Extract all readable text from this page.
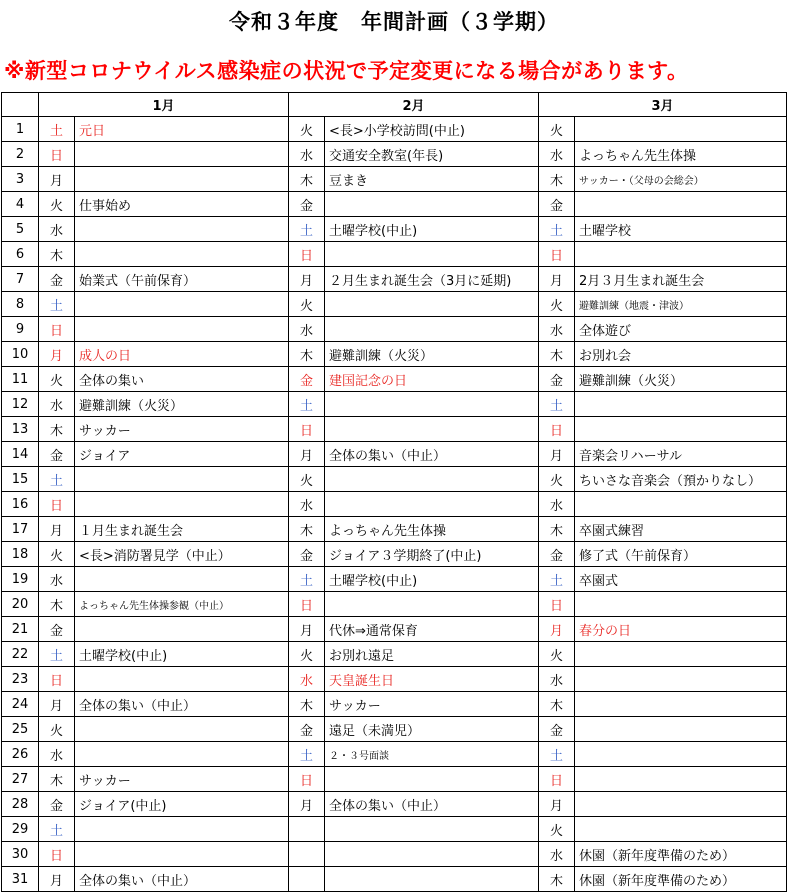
令和３年度　年間計画（３学期）
※新型コロナウイルス感染症の状況で予定変更になる場合があります。
	1月		2月		3月	
1	土	元日	火	<長>小学校訪問(中止)	火	
2	日		水	交通安全教室(年長)	水	よっちゃん先生体操
3	月		木	豆まき	木	サッカー・（父母の会総会）
4	火	仕事始め	金		金	
5	水		土	土曜学校(中止)	土	土曜学校
6	木		日		日	
7	金	始業式（午前保育）	月	２月生まれ誕生会（3月に延期)	月	2月３月生まれ誕生会
8	土		火		火	避難訓練（地震・津波）
9	日		水		水	全体遊び
10	月	成人の日	木	避難訓練（火災）	木	お別れ会
11	火	全体の集い	金	建国記念の日	金	避難訓練（火災）
12	水	避難訓練（火災）	土		土	
13	木	サッカー	日		日	
14	金	ジョイア	月	全体の集い（中止）	月	音楽会リハーサル
15	土		火		火	ちいさな音楽会（預かりなし）
16	日		水		水	
17	月	１月生まれ誕生会	木	よっちゃん先生体操	木	卒園式練習
18	火	<長>消防署見学（中止）	金	ジョイア３学期終了(中止)	金	修了式（午前保育）
19	水		土	土曜学校(中止)	土	卒園式
20	木	よっちゃん先生体操参観（中止）	日		日	
21	金		月	代休⇒通常保育	月	春分の日
22	土	土曜学校(中止)	火	お別れ遠足	火	
23	日		水	天皇誕生日	水	
24	月	全体の集い（中止）	木	サッカー	木	
25	火		金	遠足（未満児）	金	
26	水		土	２・３号面談	土	
27	木	サッカー	日		日	
28	金	ジョイア(中止)	月	全体の集い（中止）	月	
29	土				火	
30	日				水	休園（新年度準備のため）
31	月	全体の集い（中止）			木	休園（新年度準備のため）
